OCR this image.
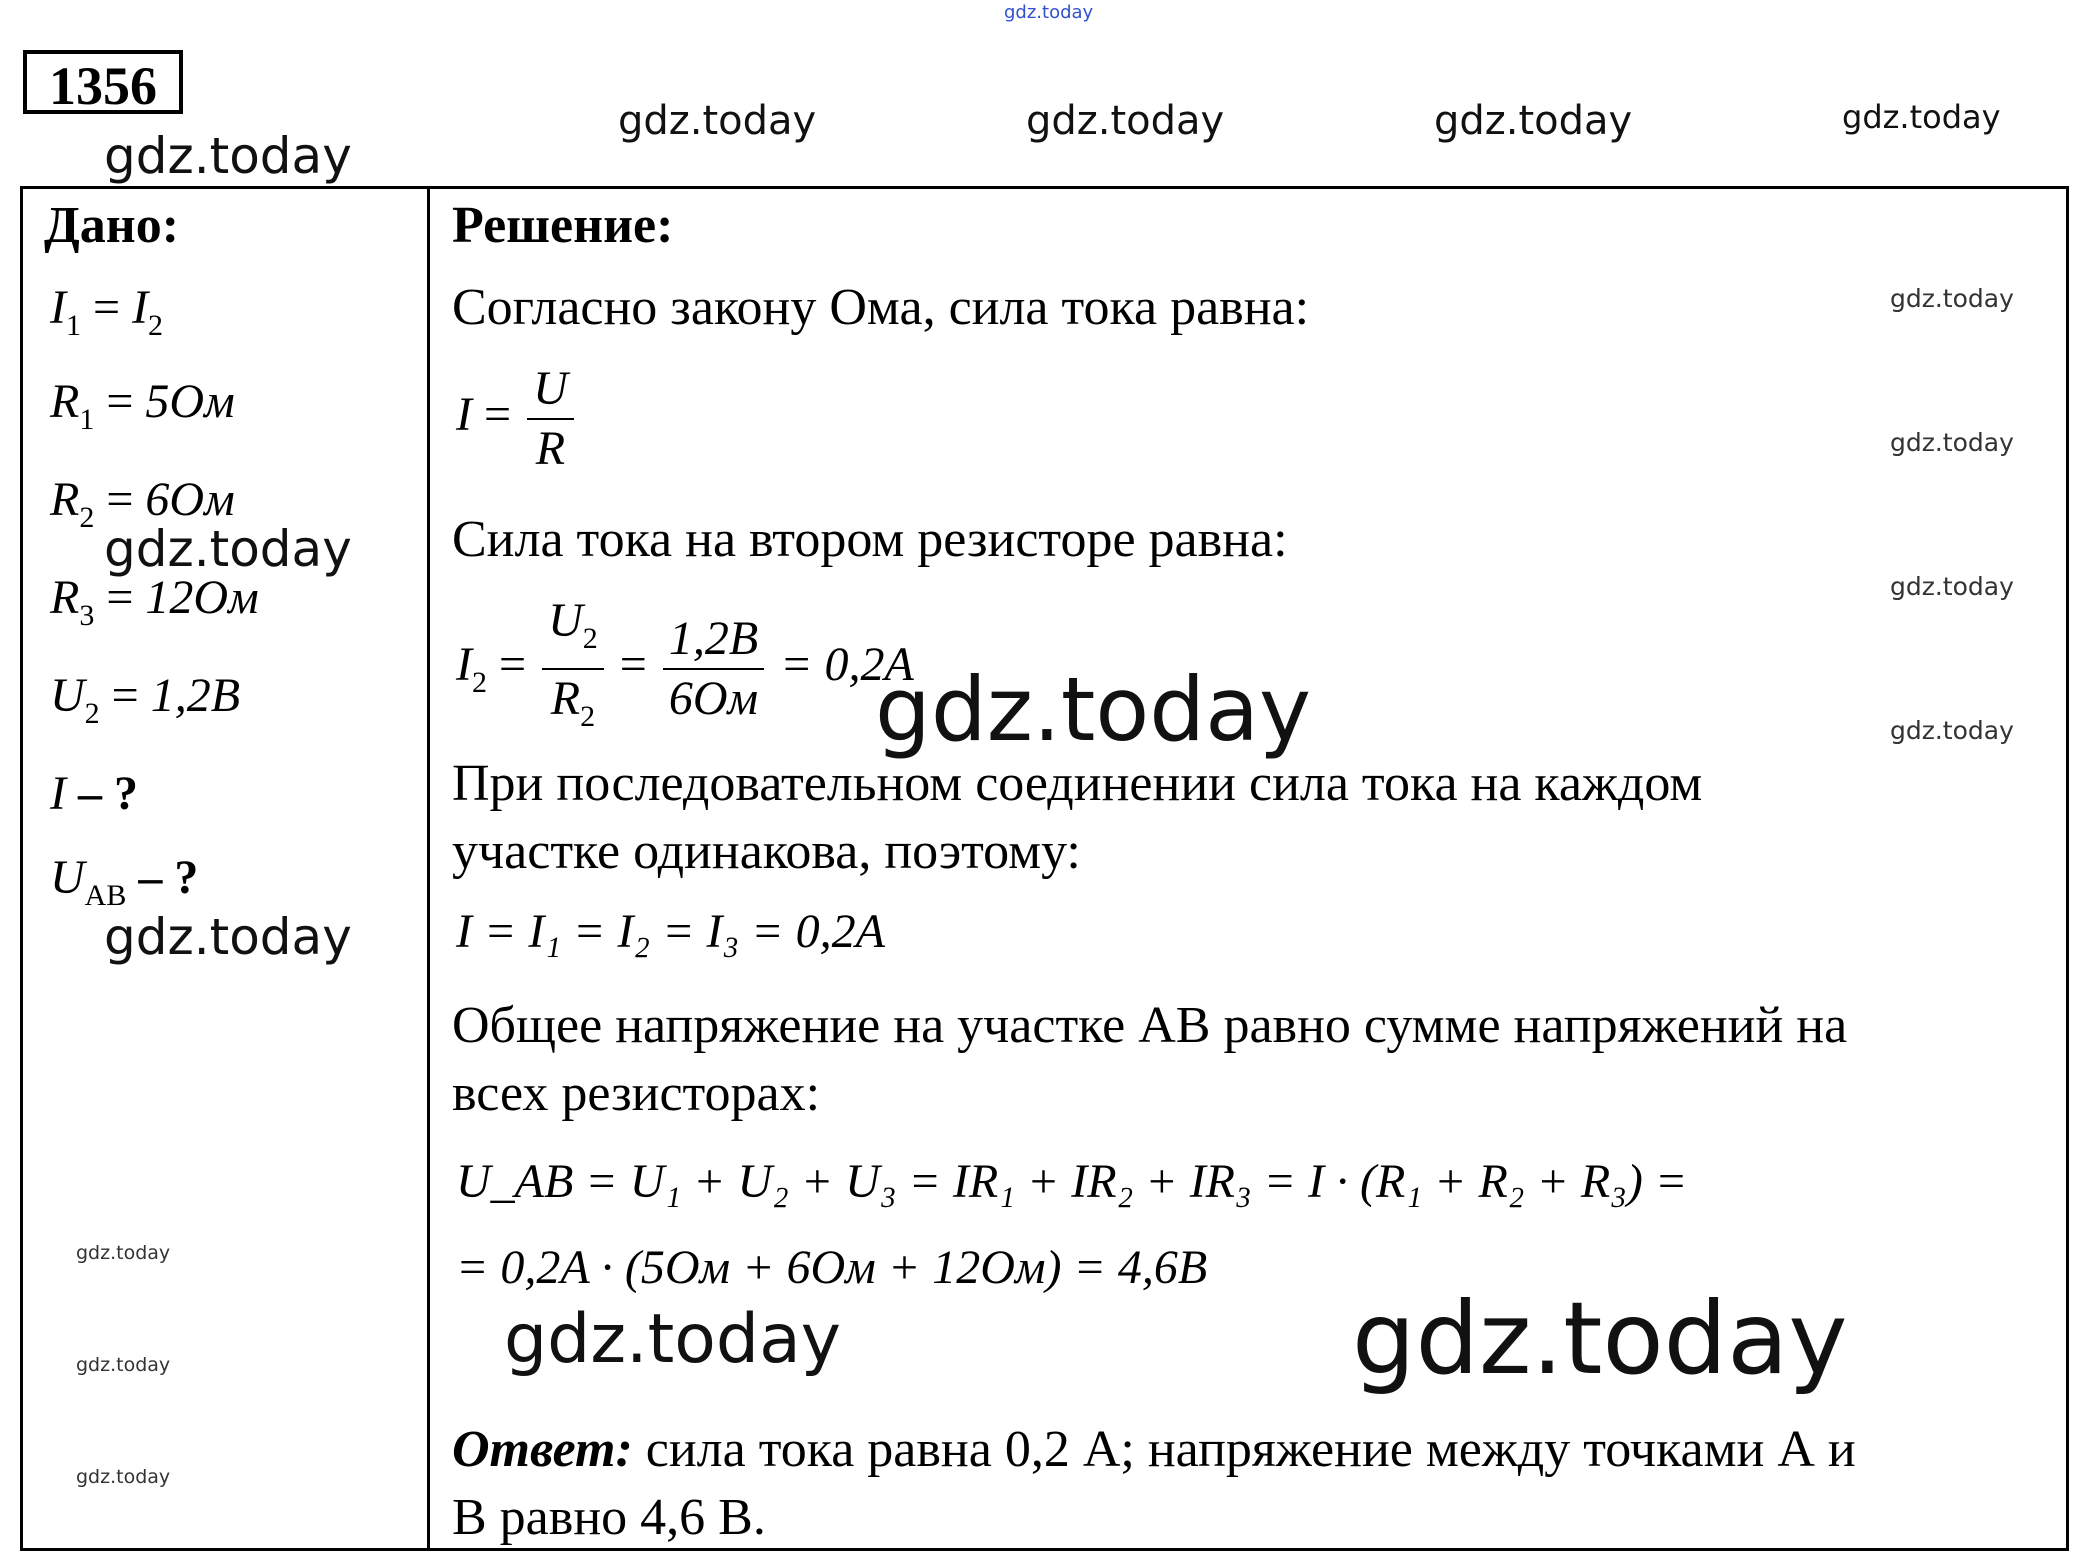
gdz.today
gdz.today	gdz.today	gdz.today	gdz.today
gdz.today
1356
Дано:
$I_1 = I_2$
$R_1 = 5Ом$
$R_2 = 6Ом$
gdz.today
$R_3 = 12Ом$
$U_2 = 1,2B$
I – ?
$U_{AB}$ – ?
gdz.today
gdz.today
gdz.today
gdz.today
Решение:
Согласно закону Ома, сила тока равна:	gdz.today
$I = \frac{U}{R}$	gdz.today
Сила тока на втором резисторе равна:
gdz.today
$I_2 = \frac{U_2}{R_2} = \frac{1,2B}{6Ом} = 0,2A$
gdz.today	gdz.today
При последовательном соединении сила тока на каждом
участке одинакова, поэтому:
I = I₁ = I₂ = I₃ = 0,2A
Общее напряжение на участке АВ равно сумме напряжений на
всех резисторах:
U_AB = U₁ + U₂ + U₃ = IR₁ + IR₂ + IR₃ = I · (R₁ + R₂ + R₃) =
= 0,2A · (5Ом + 6Ом + 12Ом) = 4,6B
gdz.today	gdz.today
Ответ: сила тока равна 0,2 А; напряжение между точками А и
В равно 4,6 В.
